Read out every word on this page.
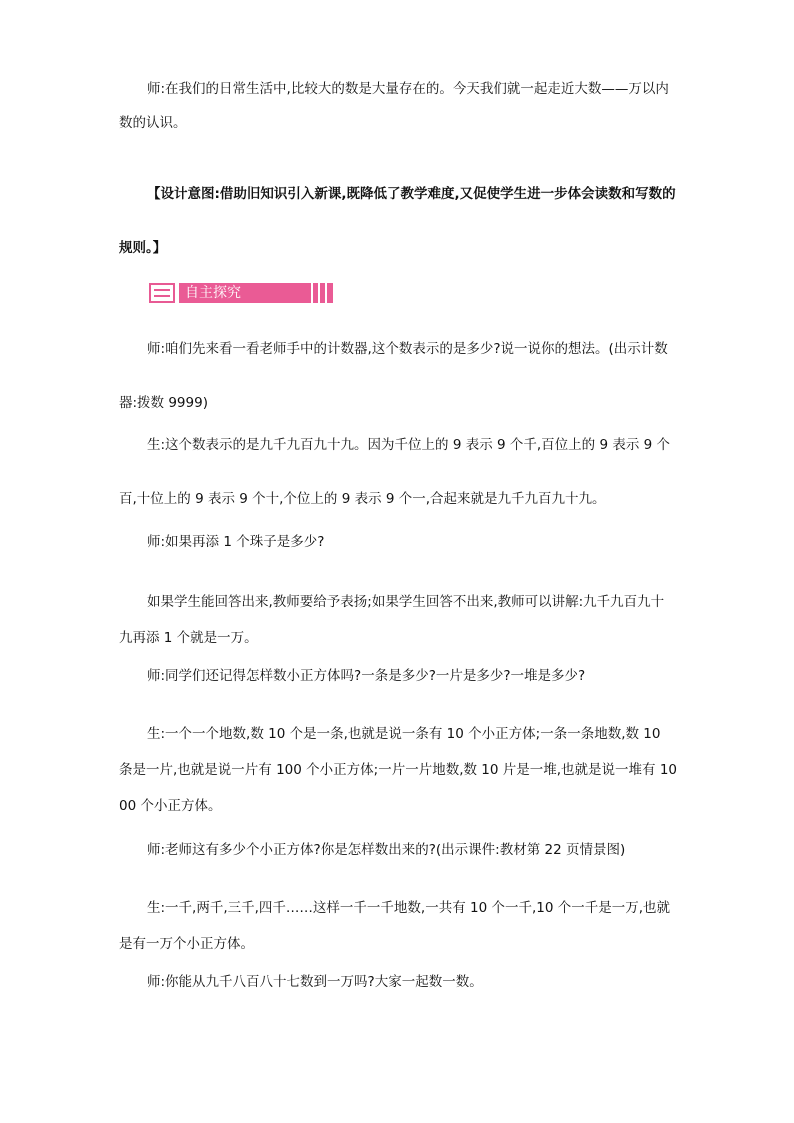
师:在我们的日常生活中,比较大的数是大量存在的。今天我们就一起走近大数——万以内数的认识。

【设计意图:借助旧知识引入新课,既降低了教学难度,又促使学生进一步体会读数和写数的规则。】

自主探究

师:咱们先来看一看老师手中的计数器,这个数表示的是多少?说一说你的想法。(出示计数器:拨数 9999)

生:这个数表示的是九千九百九十九。因为千位上的 9 表示 9 个千,百位上的 9 表示 9 个百,十位上的 9 表示 9 个十,个位上的 9 表示 9 个一,合起来就是九千九百九十九。

师:如果再添 1 个珠子是多少?

如果学生能回答出来,教师要给予表扬;如果学生回答不出来,教师可以讲解:九千九百九十九再添 1 个就是一万。

师:同学们还记得怎样数小正方体吗?一条是多少?一片是多少?一堆是多少?

生:一个一个地数,数 10 个是一条,也就是说一条有 10 个小正方体;一条一条地数,数 10 条是一片,也就是说一片有 100 个小正方体;一片一片地数,数 10 片是一堆,也就是说一堆有 1000 个小正方体。

师:老师这有多少个小正方体?你是怎样数出来的?(出示课件:教材第 22 页情景图)

生:一千,两千,三千,四千……这样一千一千地数,一共有 10 个一千,10 个一千是一万,也就是有一万个小正方体。

师:你能从九千八百八十七数到一万吗?大家一起数一数。
